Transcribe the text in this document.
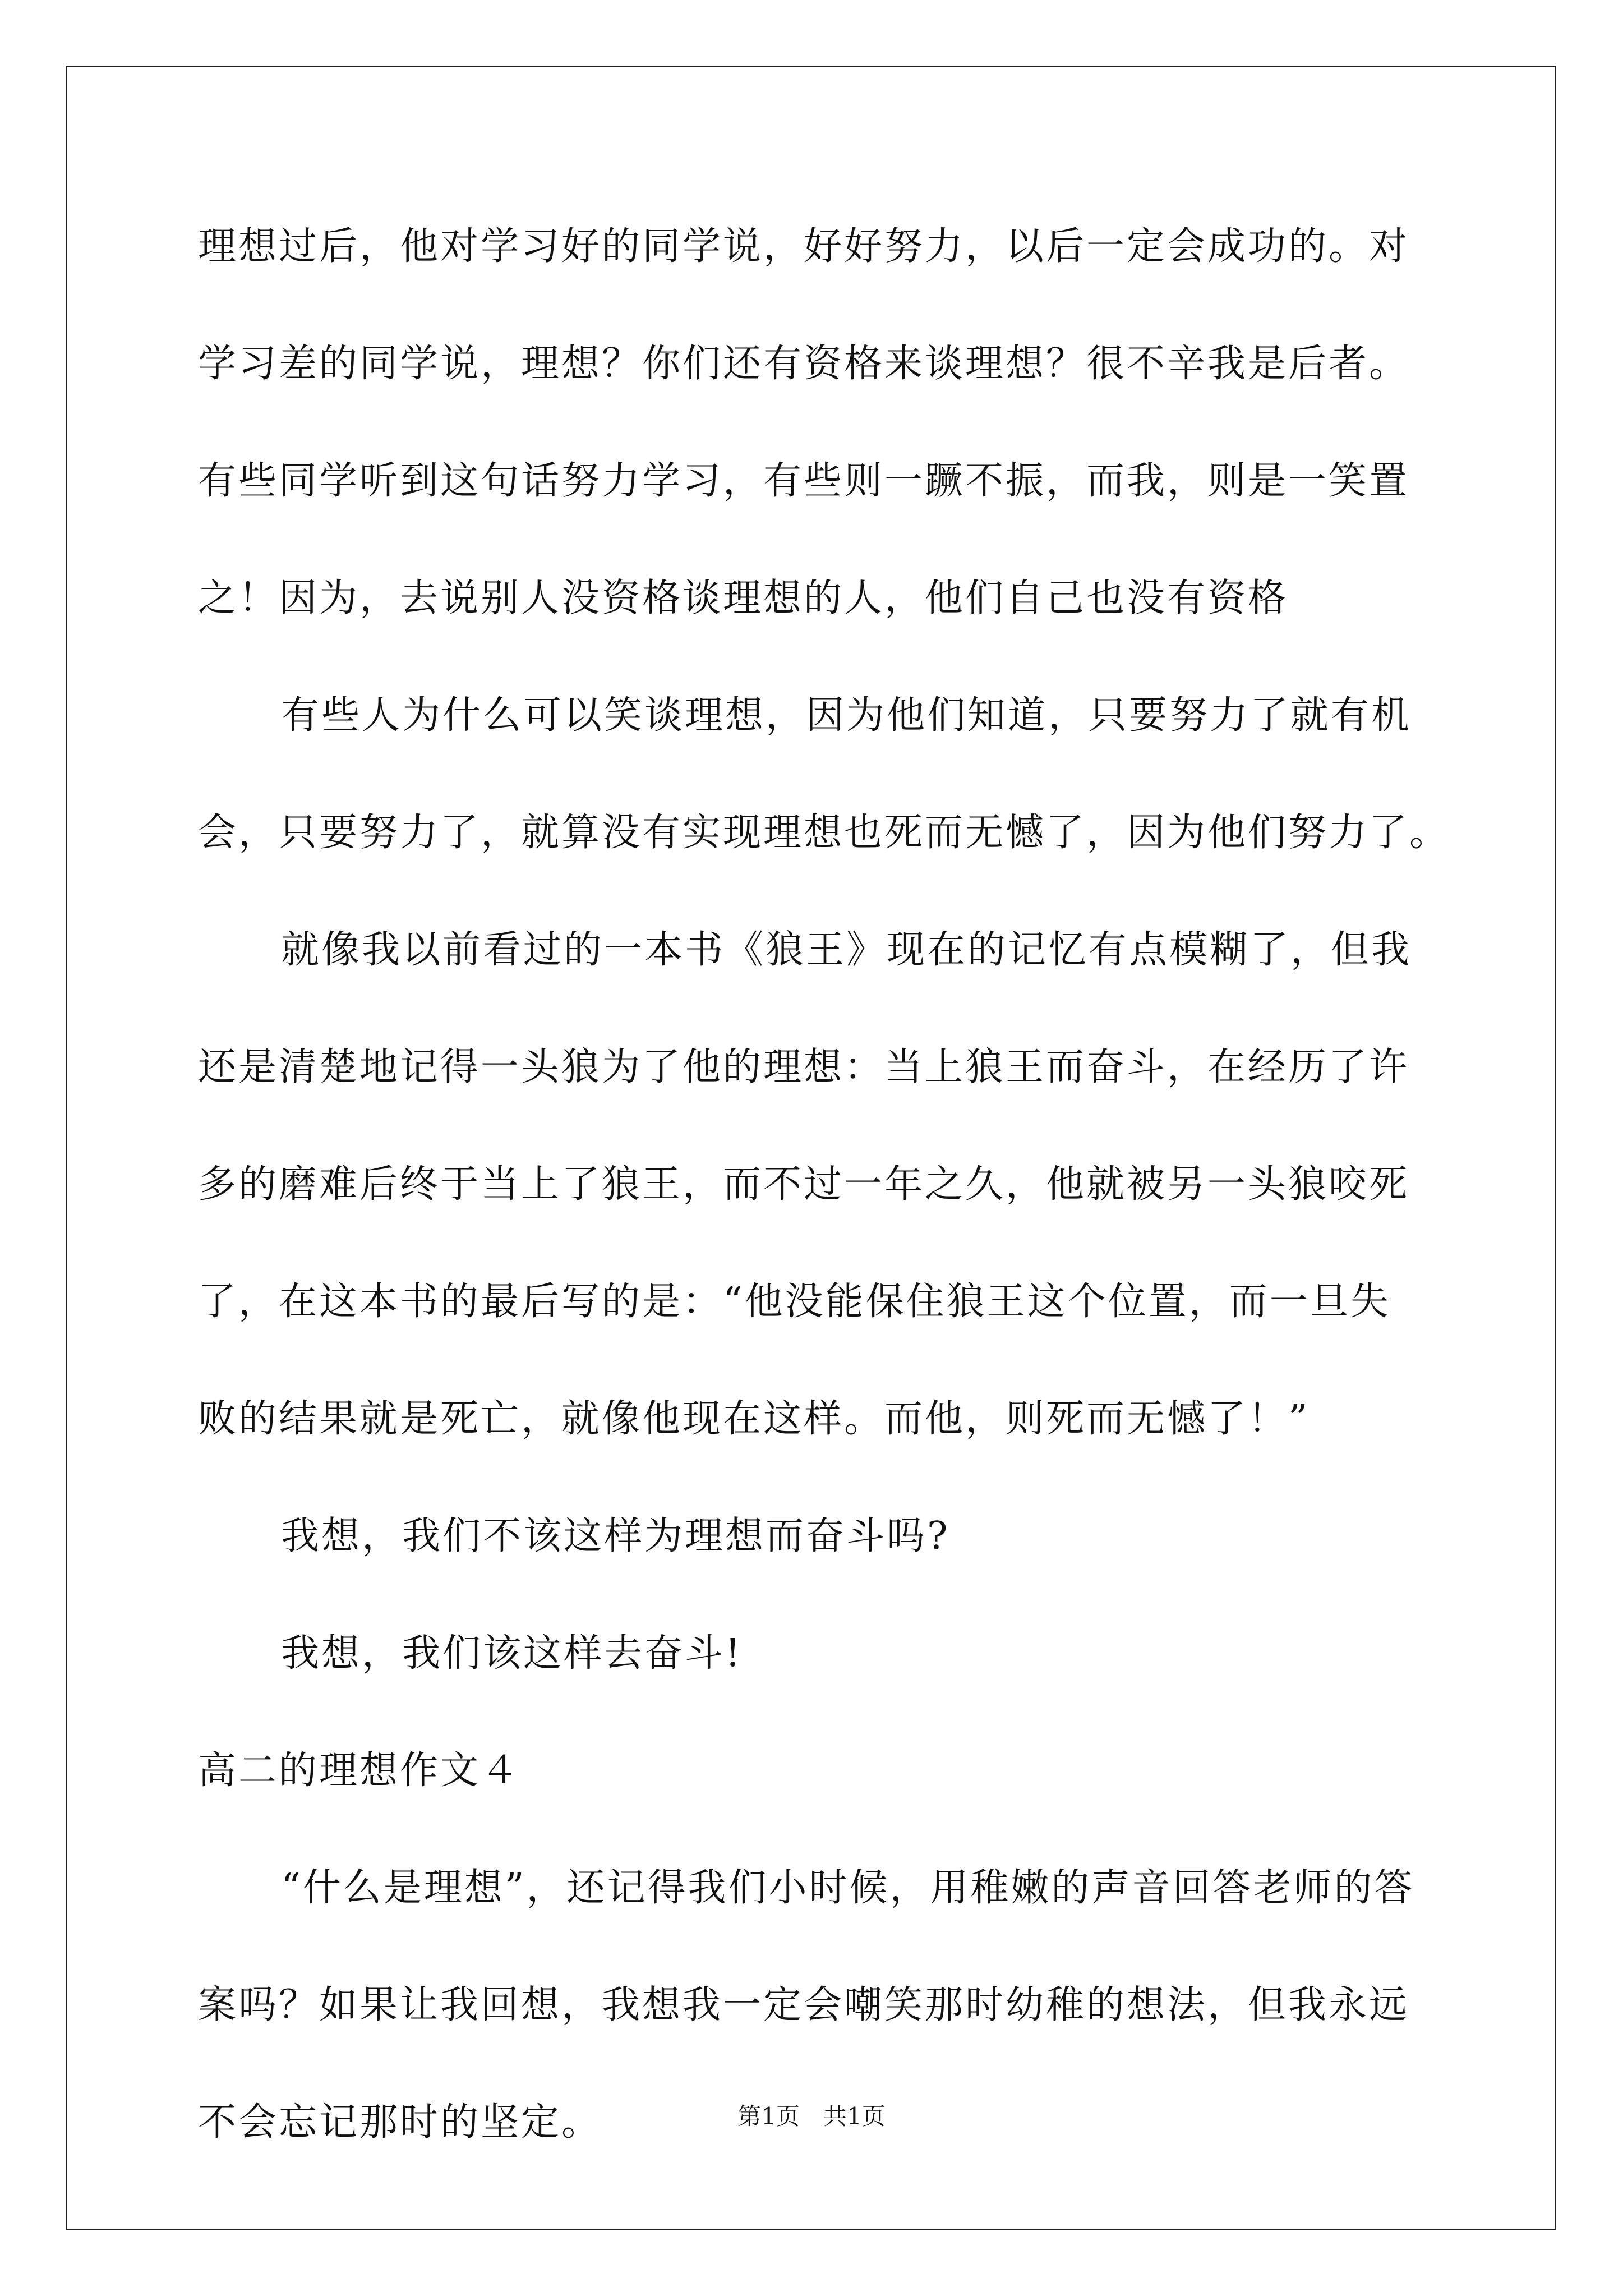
理想过后，他对学习好的同学说，好好努力，以后一定会成功的。对
学习差的同学说，理想？你们还有资格来谈理想？很不辛我是后者。
有些同学听到这句话努力学习，有些则一蹶不振，而我，则是一笑置
之！因为，去说别人没资格谈理想的人，他们自己也没有资格
有些人为什么可以笑谈理想，因为他们知道，只要努力了就有机
会，只要努力了，就算没有实现理想也死而无憾了，因为他们努力了。
就像我以前看过的一本书《狼王》现在的记忆有点模糊了，但我
还是清楚地记得一头狼为了他的理想：当上狼王而奋斗，在经历了许
多的磨难后终于当上了狼王，而不过一年之久，他就被另一头狼咬死
了，在这本书的最后写的是：“他没能保住狼王这个位置，而一旦失
败的结果就是死亡，就像他现在这样。而他，则死而无憾了！”
我想，我们不该这样为理想而奋斗吗?
我想，我们该这样去奋斗!
高二的理想作文４
“什么是理想”，还记得我们小时候，用稚嫩的声音回答老师的答
案吗？如果让我回想，我想我一定会嘲笑那时幼稚的想法，但我永远
不会忘记那时的坚定。	第1页　共1页
